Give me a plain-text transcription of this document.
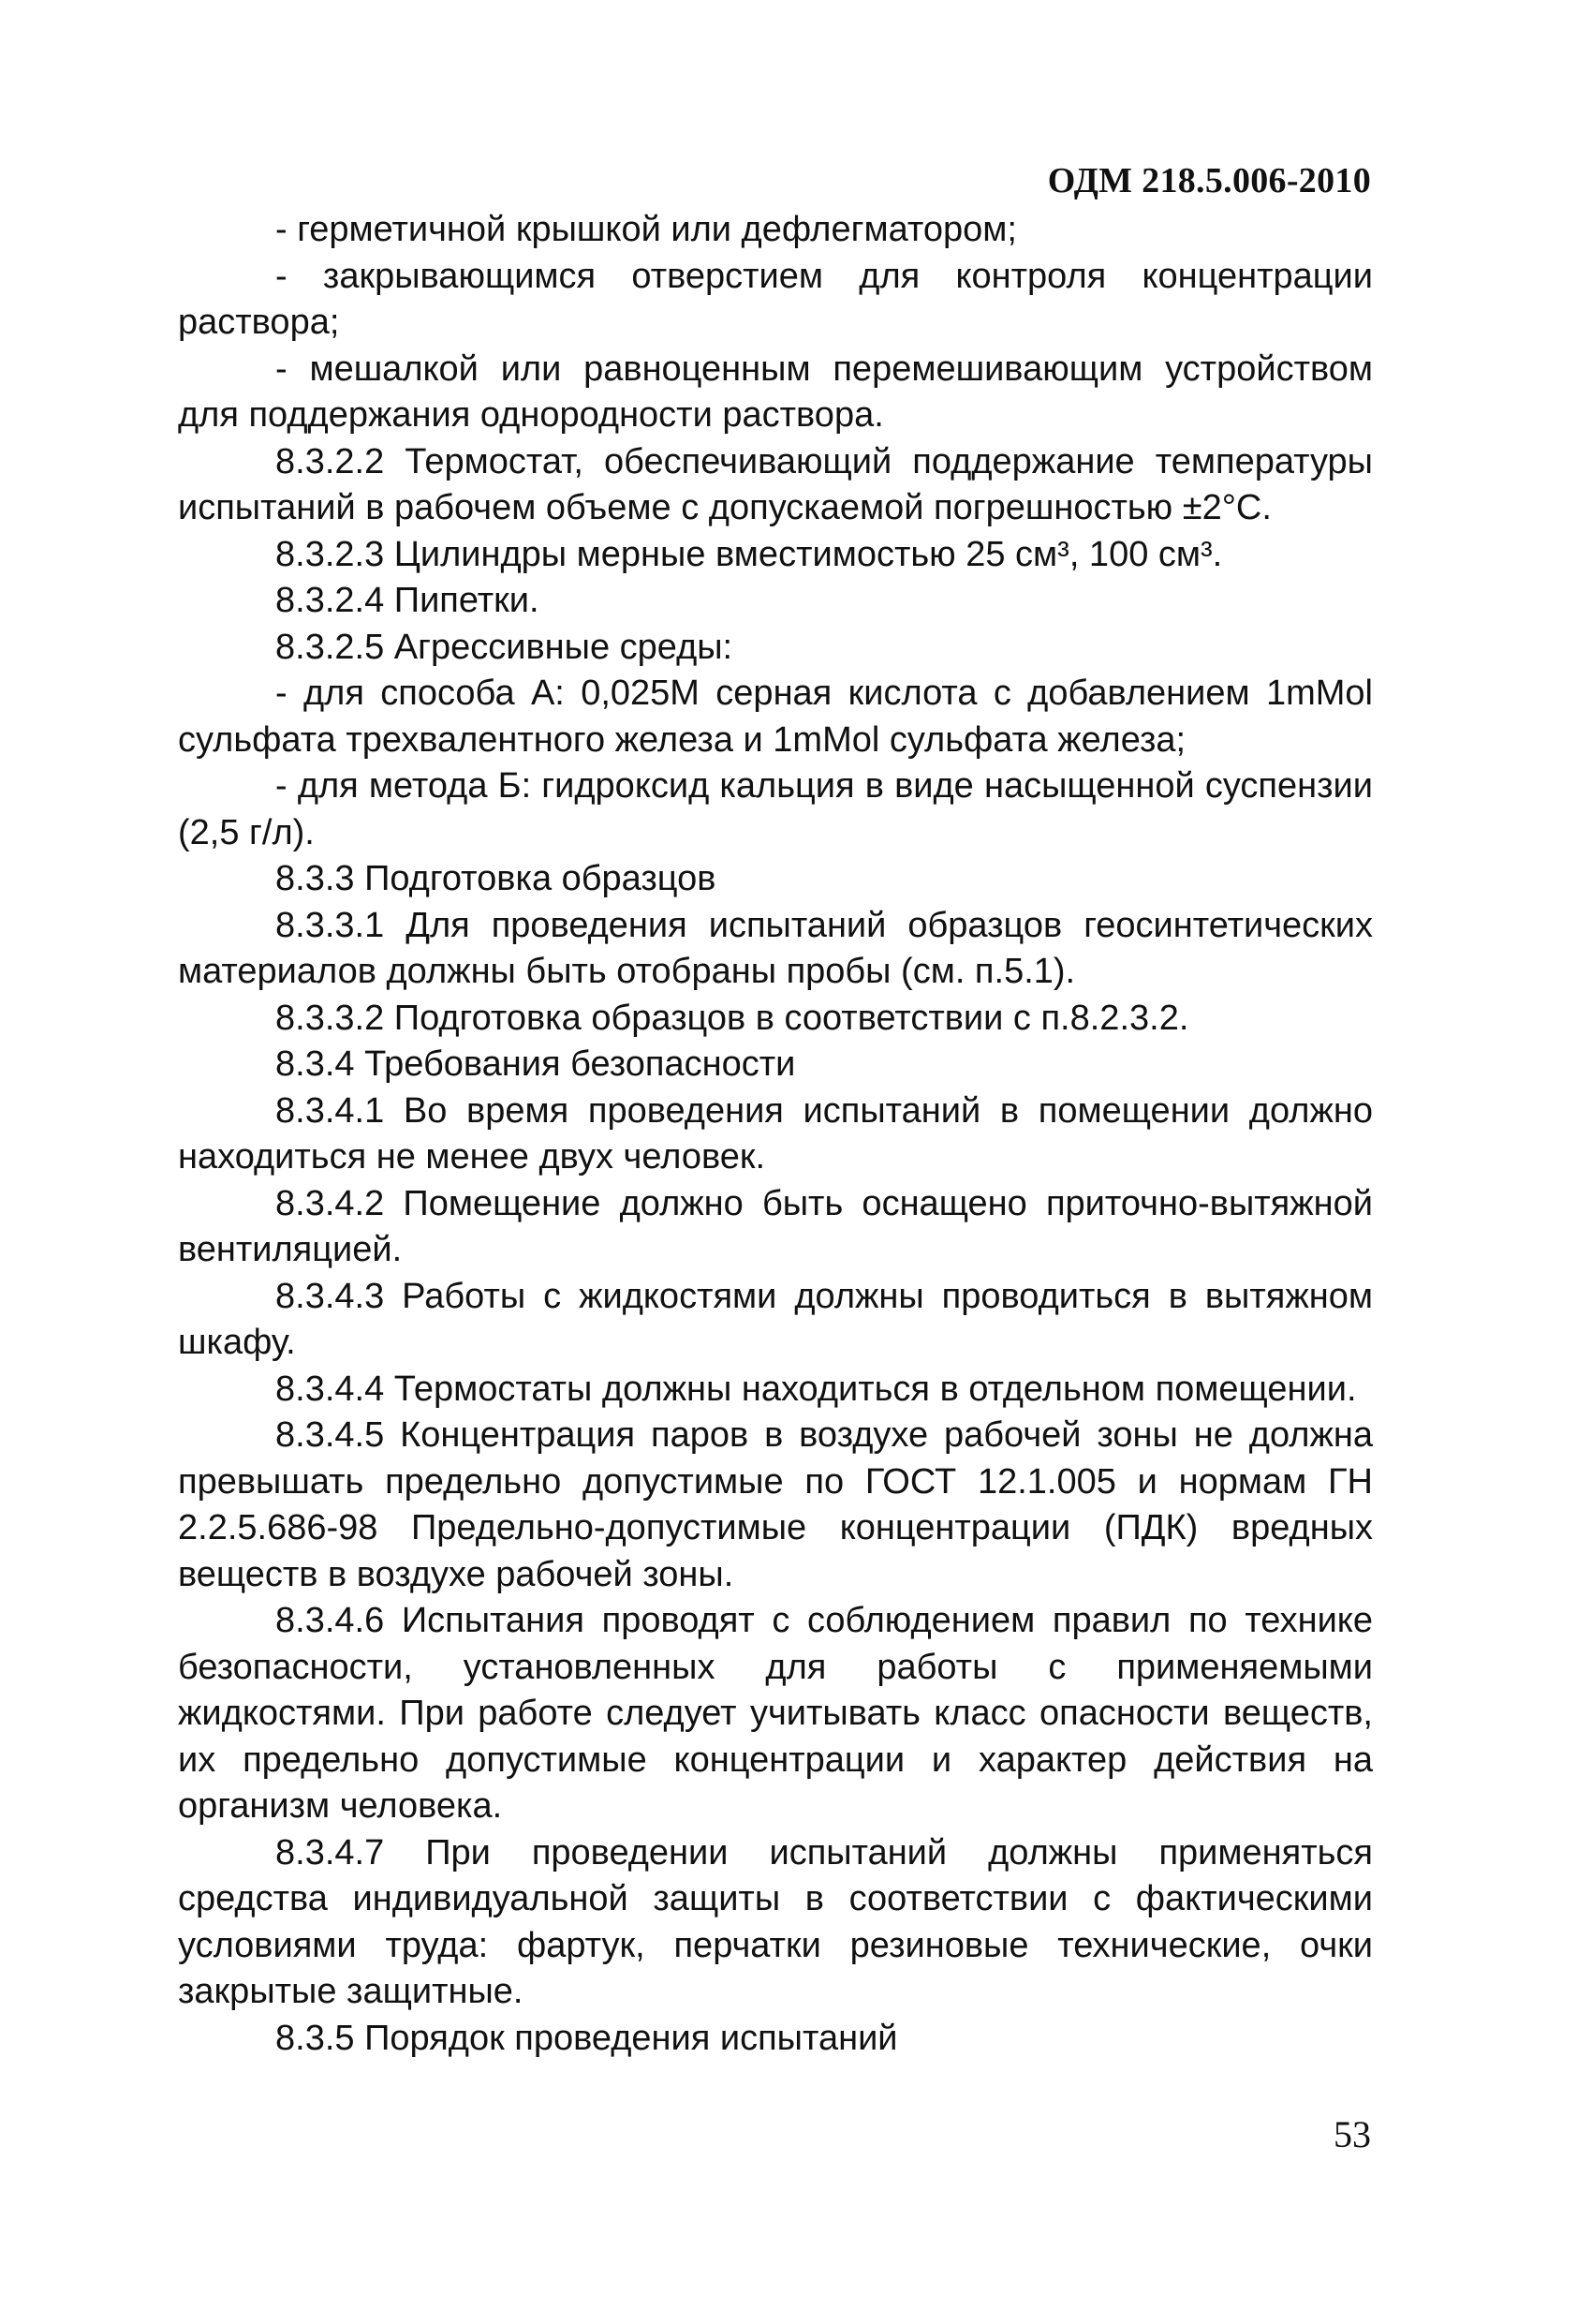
ОДМ 218.5.006-2010

- герметичной крышкой или дефлегматором;

- закрывающимся отверстием для контроля концентрации раствора;

- мешалкой или равноценным перемешивающим устройством для поддержания однородности раствора.

8.3.2.2 Термостат, обеспечивающий поддержание температуры испытаний в рабочем объеме с допускаемой погрешностью ±2°С.

8.3.2.3 Цилиндры мерные вместимостью 25 см³, 100 см³.

8.3.2.4 Пипетки.

8.3.2.5 Агрессивные среды:

- для способа А: 0,025М серная кислота с добавлением 1mMol сульфата трехвалентного железа и 1mMol сульфата железа;

- для метода Б: гидроксид кальция в виде насыщенной суспензии (2,5 г/л).

8.3.3 Подготовка образцов

8.3.3.1 Для проведения испытаний образцов геосинтетических материалов должны быть отобраны пробы (см. п.5.1).

8.3.3.2 Подготовка образцов в соответствии с п.8.2.3.2.

8.3.4 Требования безопасности

8.3.4.1 Во время проведения испытаний в помещении должно находиться не менее двух человек.

8.3.4.2 Помещение должно быть оснащено приточно-вытяжной вентиляцией.

8.3.4.3 Работы с жидкостями должны проводиться в вытяжном шкафу.

8.3.4.4 Термостаты должны находиться в отдельном помещении.

8.3.4.5 Концентрация паров в воздухе рабочей зоны не должна превышать предельно допустимые по ГОСТ 12.1.005 и нормам ГН 2.2.5.686-98 Предельно-допустимые концентрации (ПДК) вредных веществ в воздухе рабочей зоны.

8.3.4.6 Испытания проводят с соблюдением правил по технике безопасности, установленных для работы с применяемыми жидкостями. При работе следует учитывать класс опасности веществ, их предельно допустимые концентрации и характер действия на организм человека.

8.3.4.7 При проведении испытаний должны применяться средства индивидуальной защиты в соответствии с фактическими условиями труда: фартук, перчатки резиновые технические, очки закрытые защитные.

8.3.5 Порядок проведения испытаний

53
